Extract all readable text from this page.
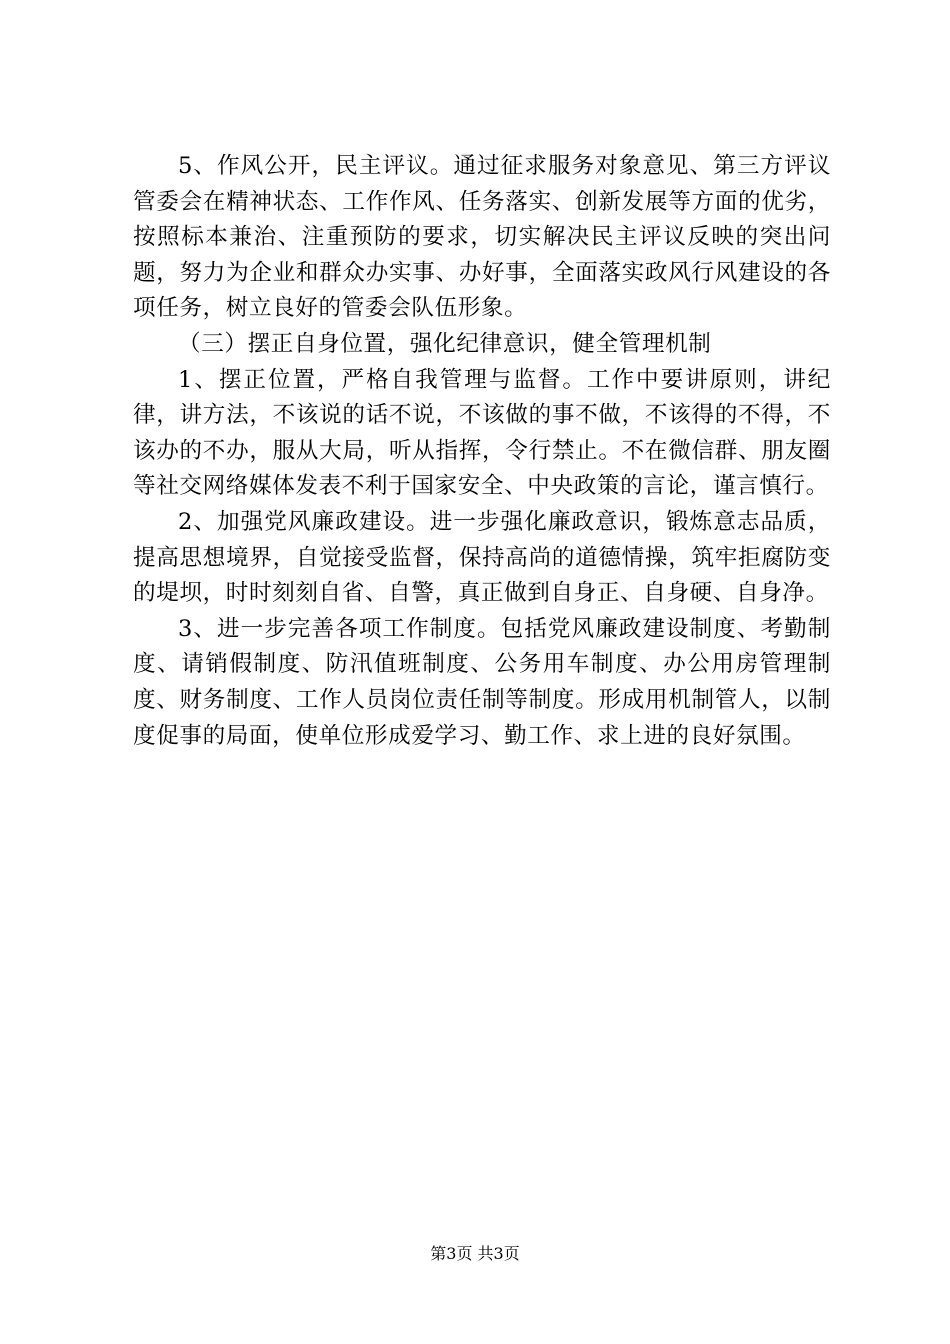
5、作风公开，民主评议。通过征求服务对象意见、第三方评议管委会在精神状态、工作作风、任务落实、创新发展等方面的优劣，按照标本兼治、注重预防的要求，切实解决民主评议反映的突出问题，努力为企业和群众办实事、办好事，全面落实政风行风建设的各项任务，树立良好的管委会队伍形象。

（三）摆正自身位置，强化纪律意识，健全管理机制

1、摆正位置，严格自我管理与监督。工作中要讲原则，讲纪律，讲方法，不该说的话不说，不该做的事不做，不该得的不得，不该办的不办，服从大局，听从指挥，令行禁止。不在微信群、朋友圈等社交网络媒体发表不利于国家安全、中央政策的言论，谨言慎行。

2、加强党风廉政建设。进一步强化廉政意识，锻炼意志品质，提高思想境界，自觉接受监督，保持高尚的道德情操，筑牢拒腐防变的堤坝，时时刻刻自省、自警，真正做到自身正、自身硬、自身净。

3、进一步完善各项工作制度。包括党风廉政建设制度、考勤制度、请销假制度、防汛值班制度、公务用车制度、办公用房管理制度、财务制度、工作人员岗位责任制等制度。形成用机制管人，以制度促事的局面，使单位形成爱学习、勤工作、求上进的良好氛围。

第3页 共3页
